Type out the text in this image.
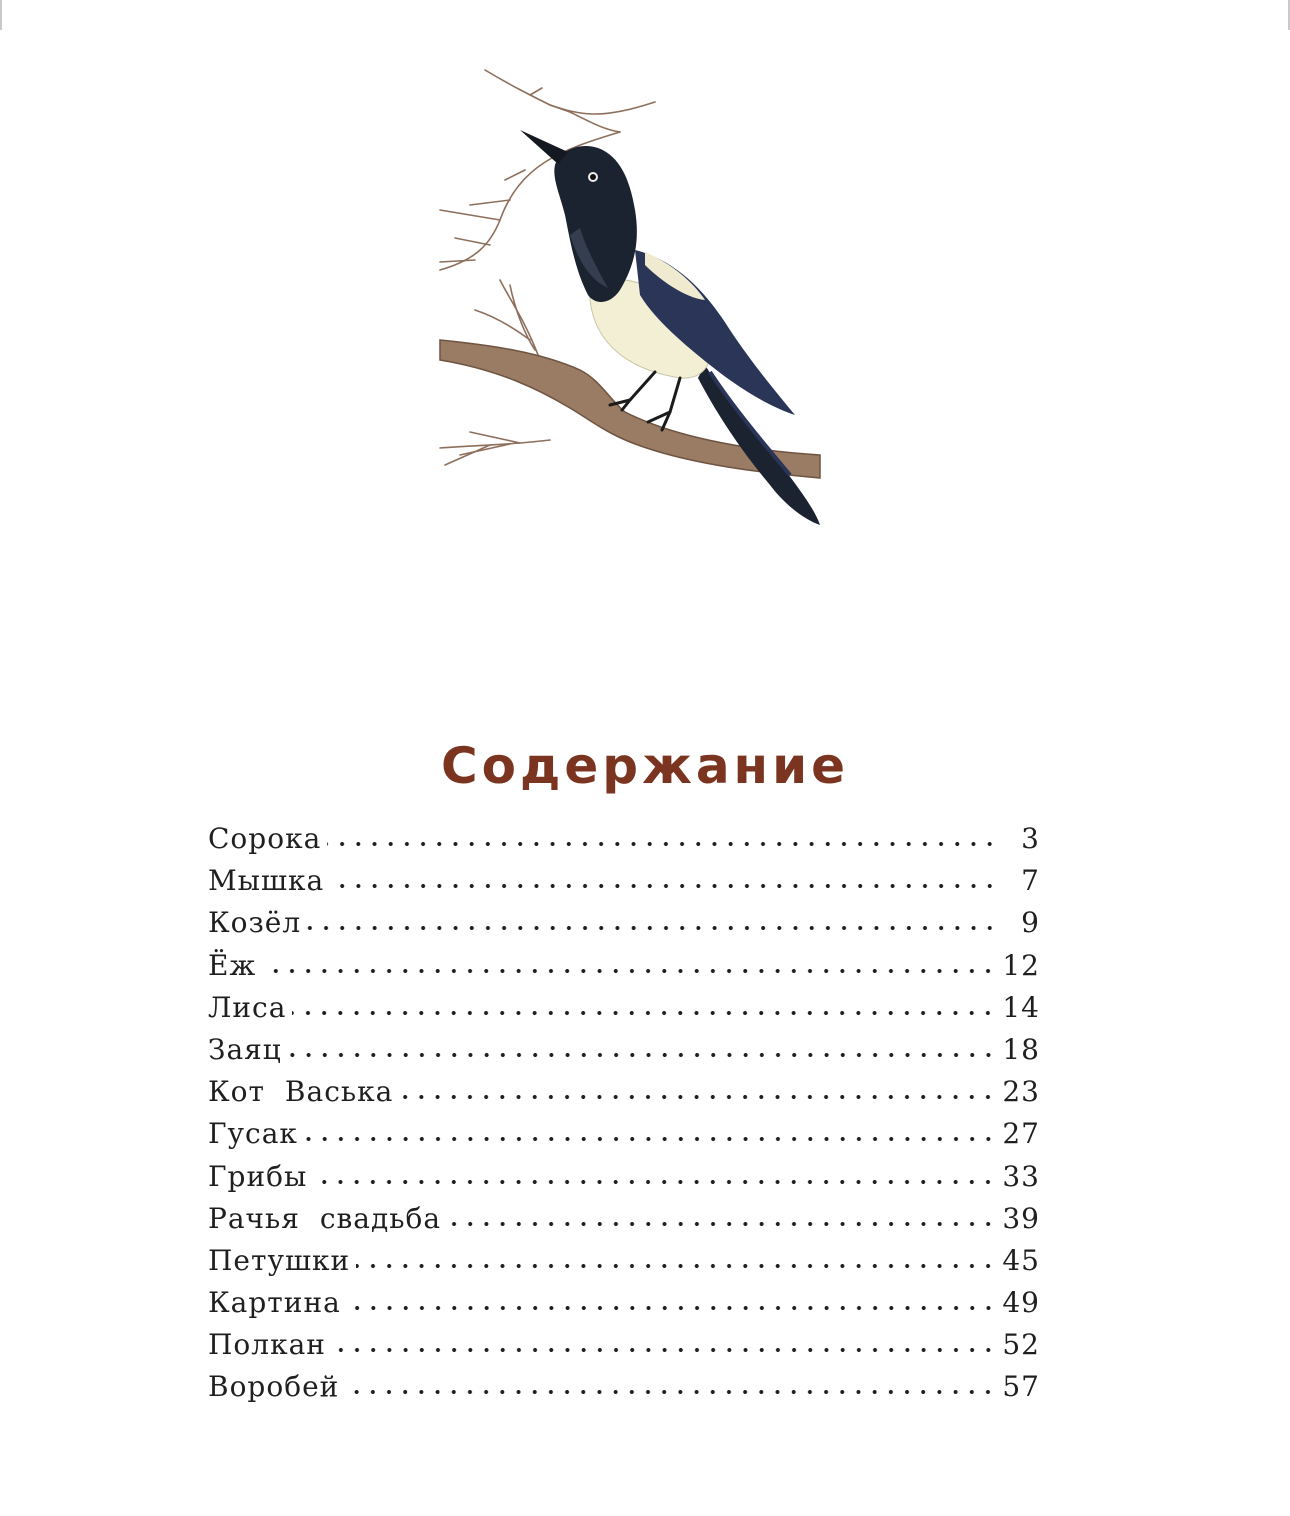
Содержание
Сорока	3
Мышка	7
Козёл	9
Ёж	12
Лиса	14
Заяц	18
Кот Васька	23
Гусак	27
Грибы	33
Рачья свадьба	39
Петушки	45
Картина	49
Полкан	52
Воробей	57
